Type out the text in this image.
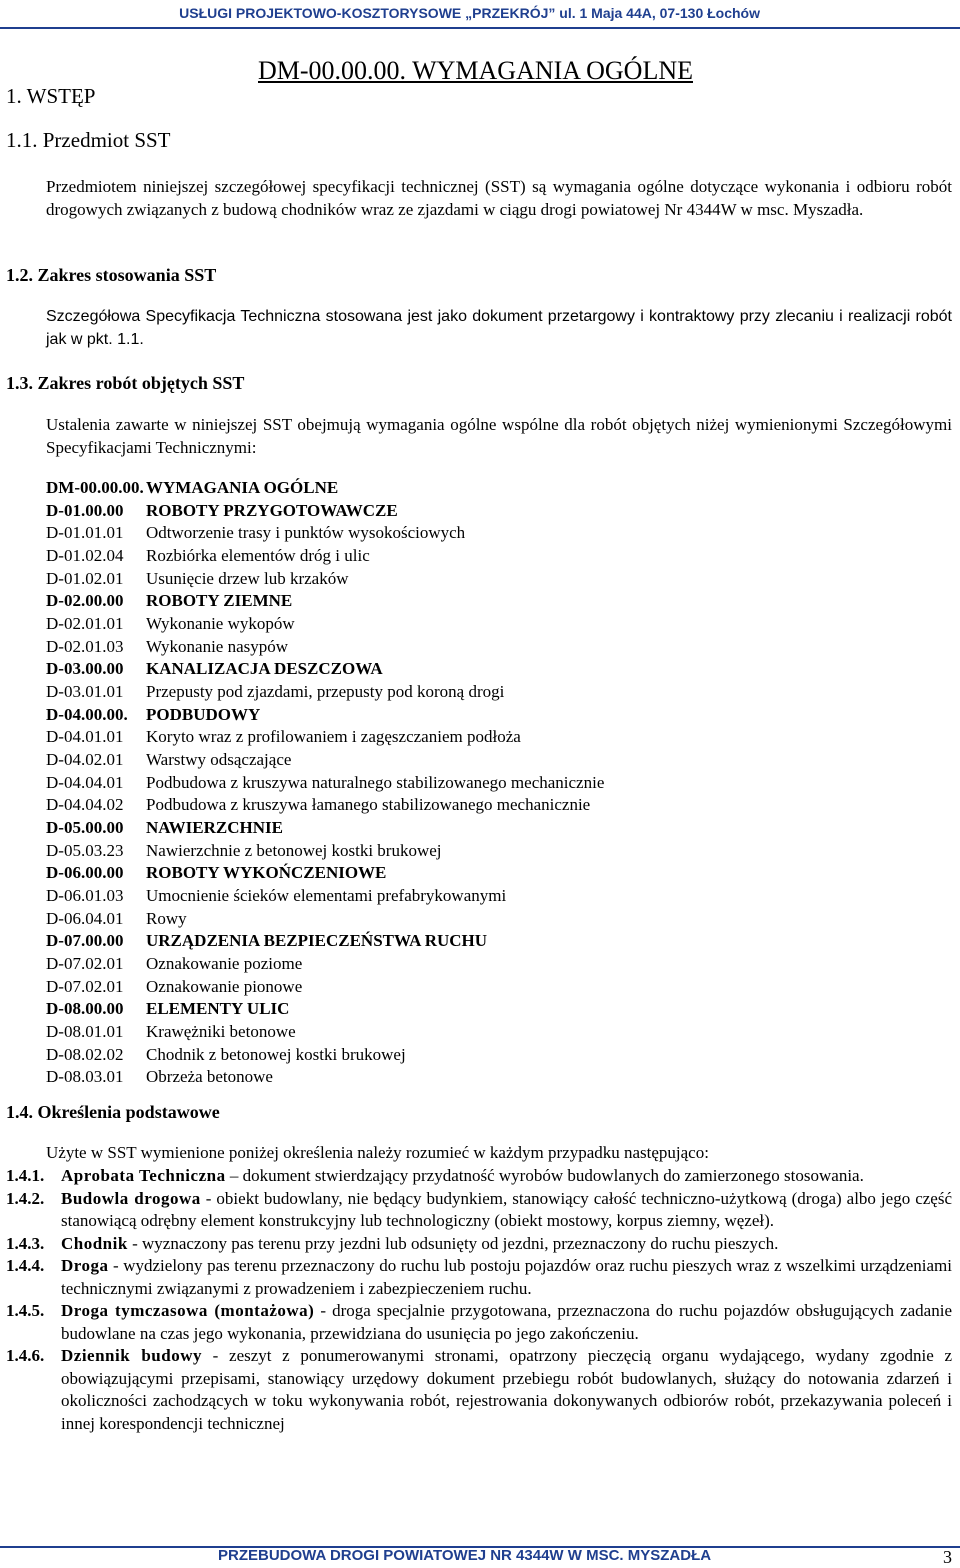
USŁUGI PROJEKTOWO-KOSZTORYSOWE „PRZEKRÓJ” ul. 1 Maja 44A, 07-130 Łochów
DM-00.00.00. WYMAGANIA OGÓLNE
1. WSTĘP
1.1. Przedmiot SST
Przedmiotem niniejszej szczegółowej specyfikacji technicznej (SST) są wymagania ogólne dotyczące wykonania i odbioru robót drogowych związanych z budową chodników wraz ze zjazdami w ciągu drogi powiatowej Nr 4344W w msc. Myszadła.
1.2. Zakres stosowania SST
Szczegółowa Specyfikacja Techniczna stosowana jest jako dokument przetargowy i kontraktowy przy zlecaniu i realizacji robót jak w pkt. 1.1.
1.3. Zakres robót objętych SST
Ustalenia zawarte w niniejszej SST obejmują wymagania ogólne wspólne dla robót objętych niżej wymienionymi Szczegółowymi Specyfikacjami Technicznymi:
DM-00.00.00. WYMAGANIA OGÓLNE
D-01.00.00 ROBOTY PRZYGOTOWAWCZE
D-01.01.01 Odtworzenie trasy i punktów wysokościowych
D-01.02.04 Rozbiórka elementów dróg i ulic
D-01.02.01 Usunięcie drzew lub krzaków
D-02.00.00 ROBOTY ZIEMNE
D-02.01.01 Wykonanie wykopów
D-02.01.03 Wykonanie nasypów
D-03.00.00 KANALIZACJA DESZCZOWA
D-03.01.01 Przepusty pod zjazdami, przepusty pod koroną drogi
D-04.00.00. PODBUDOWY
D-04.01.01 Koryto wraz z profilowaniem i zagęszczaniem podłoża
D-04.02.01 Warstwy odsączające
D-04.04.01 Podbudowa z kruszywa naturalnego stabilizowanego mechanicznie
D-04.04.02 Podbudowa z kruszywa łamanego stabilizowanego mechanicznie
D-05.00.00 NAWIERZCHNIE
D-05.03.23 Nawierzchnie z betonowej kostki brukowej
D-06.00.00 ROBOTY WYKOŃCZENIOWE
D-06.01.03 Umocnienie ścieków elementami prefabrykowanymi
D-06.04.01 Rowy
D-07.00.00 URZĄDZENIA BEZPIECZEŃSTWA RUCHU
D-07.02.01 Oznakowanie poziome
D-07.02.01 Oznakowanie pionowe
D-08.00.00 ELEMENTY ULIC
D-08.01.01 Krawężniki betonowe
D-08.02.02 Chodnik z betonowej kostki brukowej
D-08.03.01 Obrzeża betonowe
1.4. Określenia podstawowe
Użyte w SST wymienione poniżej określenia należy rozumieć w każdym przypadku następująco:
1.4.1. Aprobata Techniczna – dokument stwierdzający przydatność wyrobów budowlanych do zamierzonego stosowania.
1.4.2. Budowla drogowa - obiekt budowlany, nie będący budynkiem, stanowiący całość techniczno-użytkową (droga) albo jego część stanowiącą odrębny element konstrukcyjny lub technologiczny (obiekt mostowy, korpus ziemny, węzeł).
1.4.3. Chodnik - wyznaczony pas terenu przy jezdni lub odsunięty od jezdni, przeznaczony do ruchu pieszych.
1.4.4. Droga - wydzielony pas terenu przeznaczony do ruchu lub postoju pojazdów oraz ruchu pieszych wraz z wszelkimi urządzeniami technicznymi związanymi z prowadzeniem i zabezpieczeniem ruchu.
1.4.5. Droga tymczasowa (montażowa) - droga specjalnie przygotowana, przeznaczona do ruchu pojazdów obsługujących zadanie budowlane na czas jego wykonania, przewidziana do usunięcia po jego zakończeniu.
1.4.6. Dziennik budowy - zeszyt z ponumerowanymi stronami, opatrzony pieczęcią organu wydającego, wydany zgodnie z obowiązującymi przepisami, stanowiący urzędowy dokument przebiegu robót budowlanych, służący do notowania zdarzeń i okoliczności zachodzących w toku wykonywania robót, rejestrowania dokonywanych odbiorów robót, przekazywania poleceń i innej korespondencji technicznej
PRZEBUDOWA DROGI POWIATOWEJ NR 4344W W MSC. MYSZADŁA	3
